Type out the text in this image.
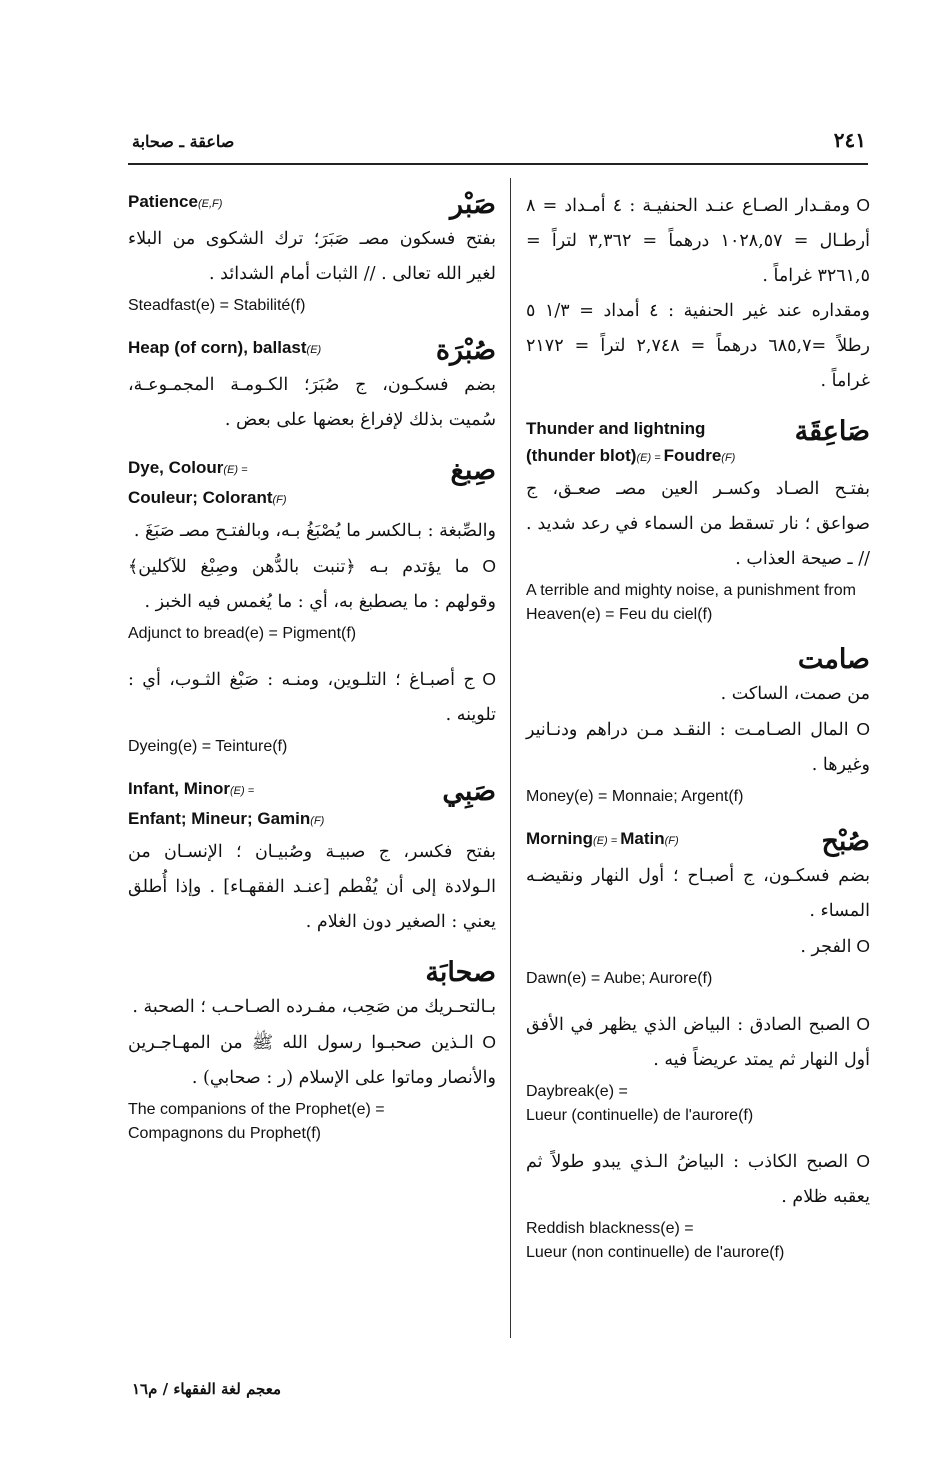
٢٤١
صاعقة ـ صحابة

O ومقـدار الصـاع عنـد الحنفيـة : ٤ أمـداد = ٨ أرطـال = ١٠٢٨,٥٧ درهماً = ٣,٣٦٢ لتراً = ٣٢٦١,٥ غراماً .

ومقداره عند غير الحنفية : ٤ أمداد = ١/٣ ٥ رطلاً =٦٨٥,٧ درهماً = ٢,٧٤٨ لتراً = ٢١٧٢ غراماً .

Thunder and lightning
(thunder blot)(E) = Foudre(F)
صَاعِقَة

بفتـح الصـاد وكسـر العين مصـ صعـق، ج صواعق ؛ نار تسقط من السماء في رعد شديد . // ـ صيحة العذاب .

A terrible and mighty noise, a punishment from Heaven(e) = Feu du ciel(f)

صامت

من صمت، الساكت .

O المال الصـامـت : النقـد مـن دراهم ودنـانير وغيرها .

Money(e) = Monnaie; Argent(f)

Morning(E) = Matin(F)	صُبْح

بضم فسكـون، ج أصبـاح ؛ أول النهار ونقيضـه المساء .

O الفجر .

Dawn(e) = Aube; Aurore(f)

O الصبح الصادق : البياض الذي يظهر في الأفق أول النهار ثم يمتد عريضاً فيه .

Daybreak(e) =
Lueur (continuelle) de l'aurore(f)

O الصبح الكاذب : البياضُ الـذي يبدو طولاً ثم يعقبه ظلام .

Reddish blackness(e) =
Lueur (non continuelle) de l'aurore(f)

Patience(E,F)	صَبْر

بفتح فسكون مصـ صَبَرَ؛ ترك الشكوى من البلاء لغير الله تعالى . // الثبات أمام الشدائد .

Steadfast(e) = Stabilité(f)

Heap (of corn), ballast(E)	صُبْرَة

بضم فسكـون، ج صُبَرَ؛ الكـومـة المجمـوعـة، سُميت بذلك لإفراغ بعضها على بعض .

Dye, Colour(E) =
Couleur; Colorant(F)
صِبغ

والصِّبغة : بـالكسر ما يُصْبَغُ بـه، وبالفتـح مصـ صَبَغَ .

O ما يؤتدم بـه ﴿تنبت بالدُّهن وصِبْغ للآكلين﴾ وقولهم : ما يصطبغ به، أي : ما يُغمس فيه الخبز .

Adjunct to bread(e) = Pigment(f)

O ج أصبـاغ ؛ التلـوين، ومنـه : صَبْغ الثـوب، أي : تلوينه .

Dyeing(e) = Teinture(f)

Infant, Minor(E) =
Enfant; Mineur; Gamin(F)
صَبِي

بفتح فكسر، ج صبيـة وصُبيـان ؛ الإنسـان من الـولادة إلى أن يُفْطم [عنـد الفقهـاء] . وإذا أُطلق يعني : الصغير دون الغلام .

صحابَة

بـالتحـريك من صَحِب، مفـرده الصـاحـب ؛ الصحبة .

O الـذين صحبـوا رسول الله ﷺ من المهـاجـرين والأنصار وماتوا على الإسلام (ر : صحابي) .

The companions of the Prophet(e) =
Compagnons du Prophet(f)

معجم لغة الفقهاء / م١٦
